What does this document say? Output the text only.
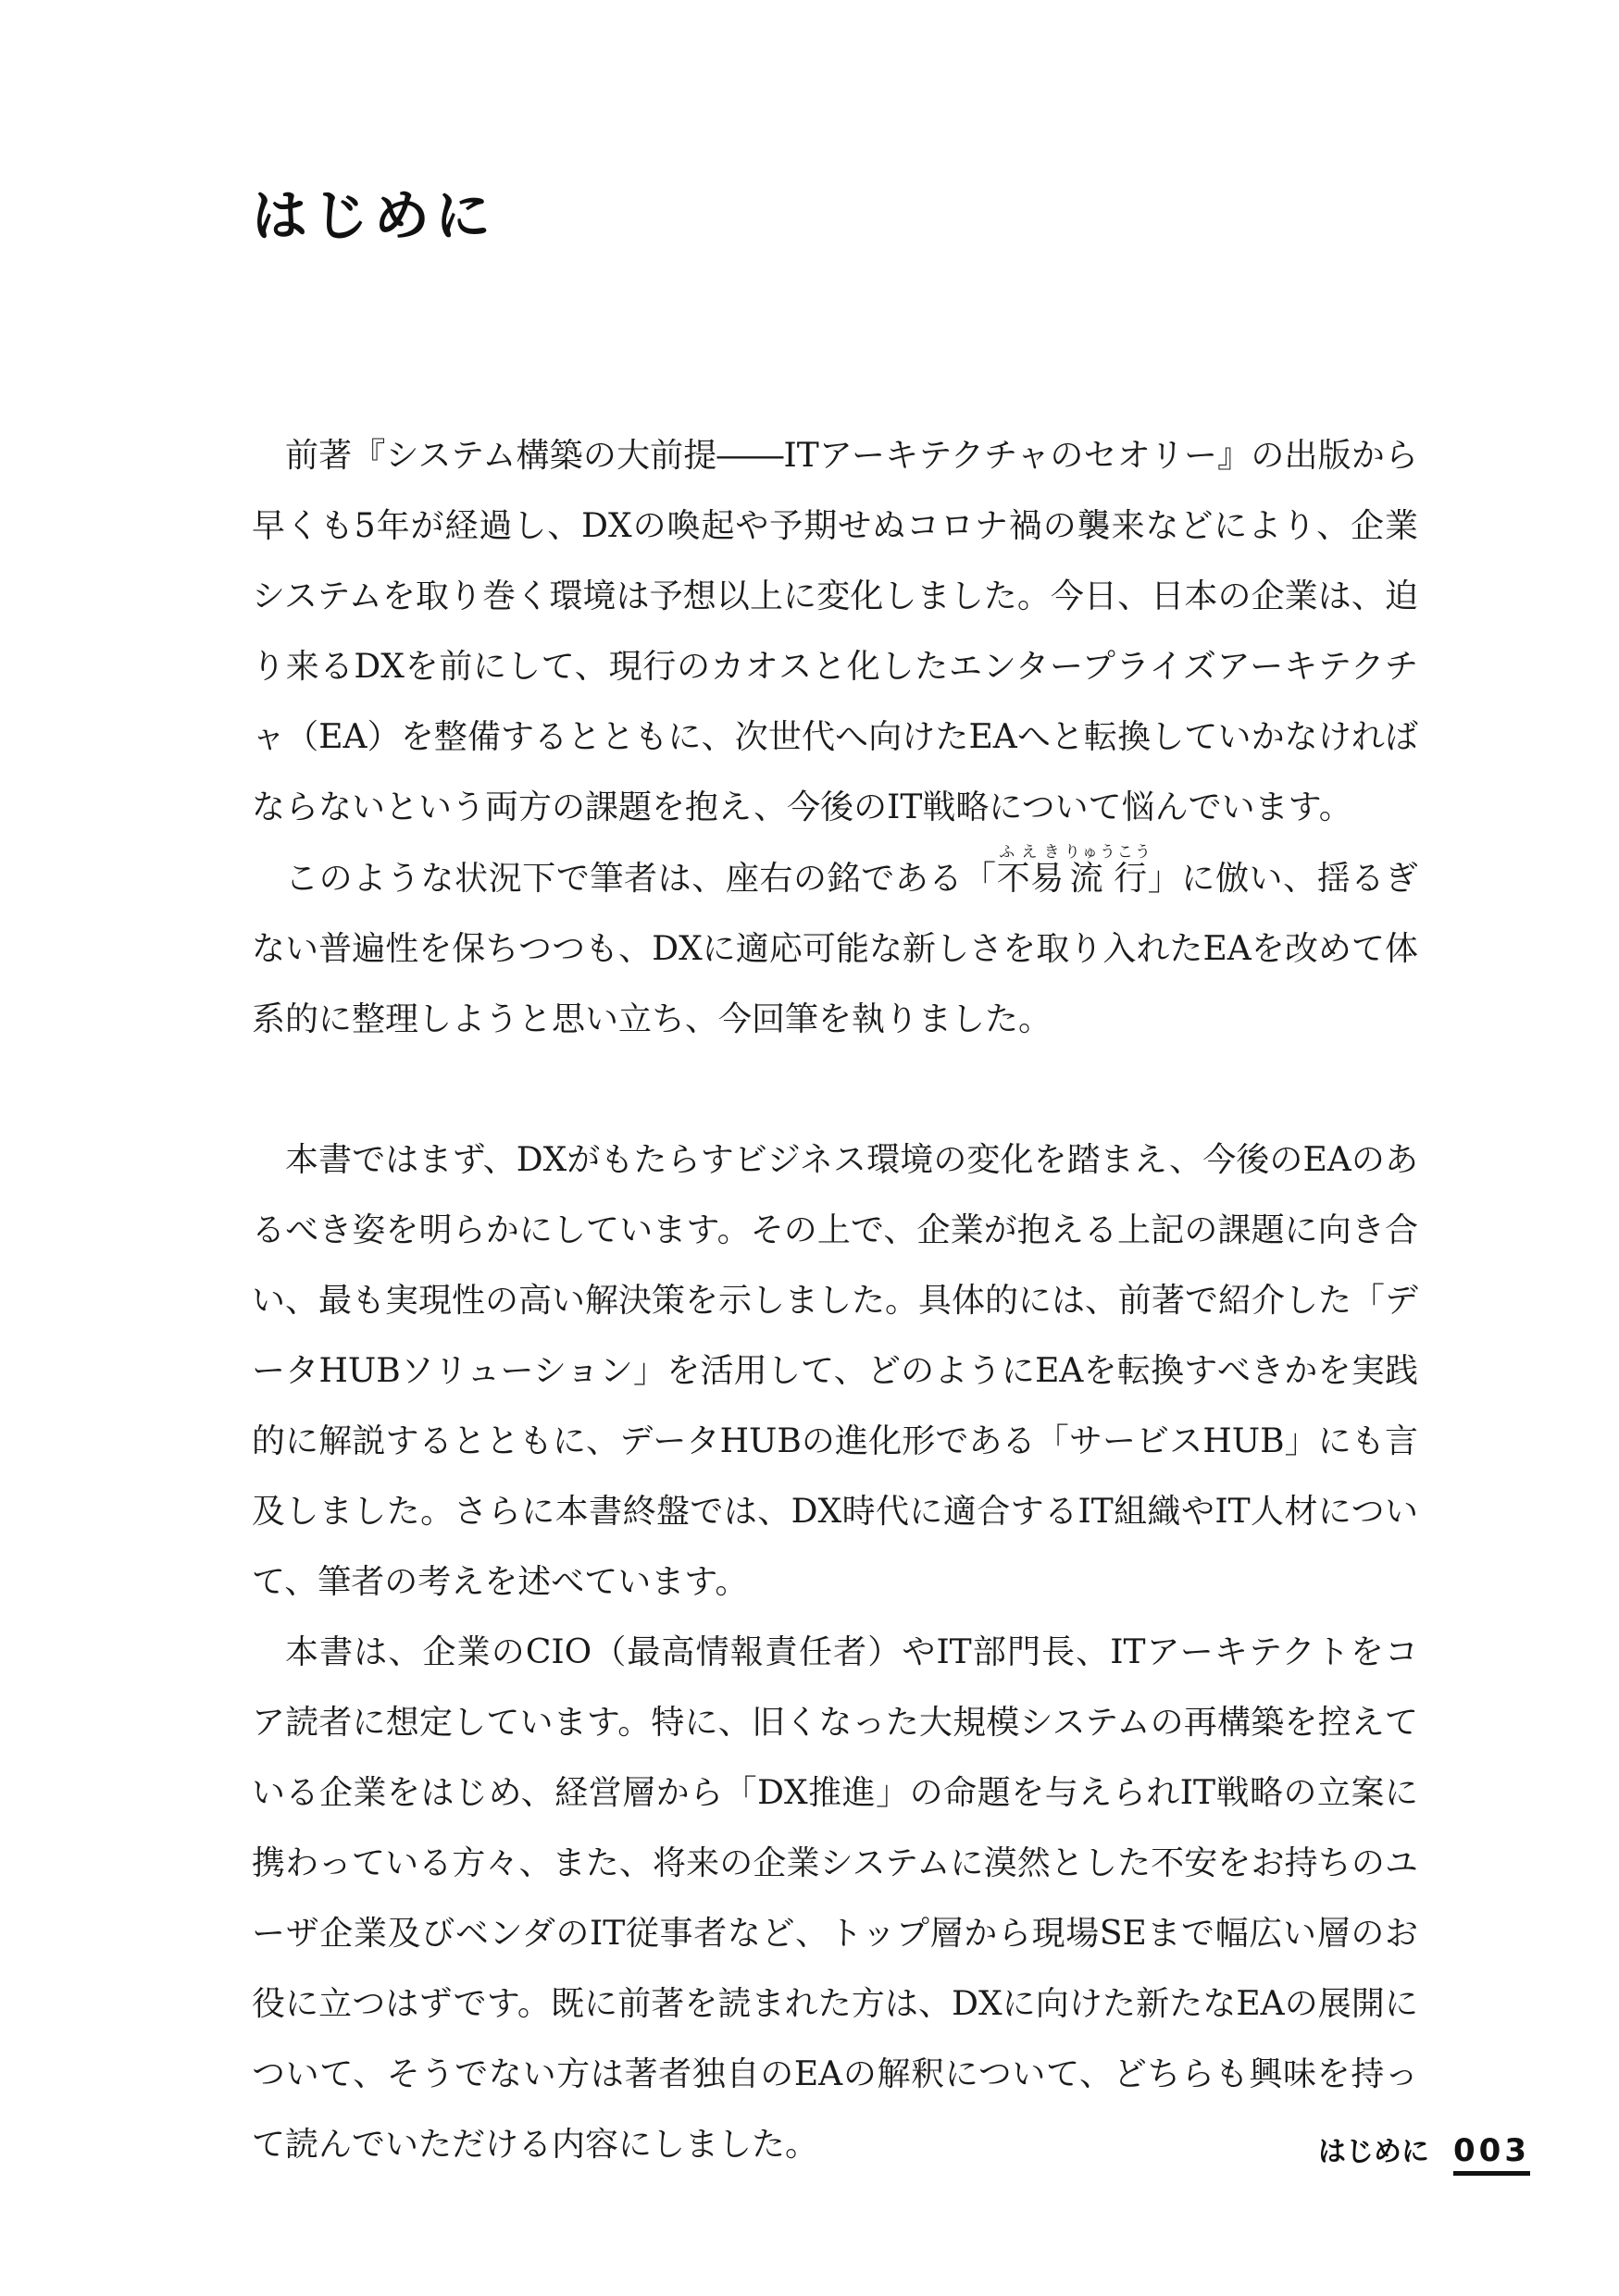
はじめに

前著『システム構築の大前提――ITアーキテクチャのセオリー』の出版から早くも5年が経過し、DXの喚起や予期せぬコロナ禍の襲来などにより、企業システムを取り巻く環境は予想以上に変化しました。今日、日本の企業は、迫り来るDXを前にして、現行のカオスと化したエンタープライズアーキテクチャ（EA）を整備するとともに、次世代へ向けたEAへと転換していかなければならないという両方の課題を抱え、今後のIT戦略について悩んでいます。

このような状況下で筆者は、座右の銘である「不易ふえき流行りゅうこう」に倣い、揺るぎない普遍性を保ちつつも、DXに適応可能な新しさを取り入れたEAを改めて体系的に整理しようと思い立ち、今回筆を執りました。

本書ではまず、DXがもたらすビジネス環境の変化を踏まえ、今後のEAのあるべき姿を明らかにしています。その上で、企業が抱える上記の課題に向き合い、最も実現性の高い解決策を示しました。具体的には、前著で紹介した「データHUBソリューション」を活用して、どのようにEAを転換すべきかを実践的に解説するとともに、データHUBの進化形である「サービスHUB」にも言及しました。さらに本書終盤では、DX時代に適合するIT組織やIT人材について、筆者の考えを述べています。

本書は、企業のCIO（最高情報責任者）やIT部門長、ITアーキテクトをコア読者に想定しています。特に、旧くなった大規模システムの再構築を控えている企業をはじめ、経営層から「DX推進」の命題を与えられIT戦略の立案に携わっている方々、また、将来の企業システムに漠然とした不安をお持ちのユーザ企業及びベンダのIT従事者など、トップ層から現場SEまで幅広い層のお役に立つはずです。既に前著を読まれた方は、DXに向けた新たなEAの展開について、そうでない方は著者独自のEAの解釈について、どちらも興味を持って読んでいただける内容にしました。	はじめに 003
